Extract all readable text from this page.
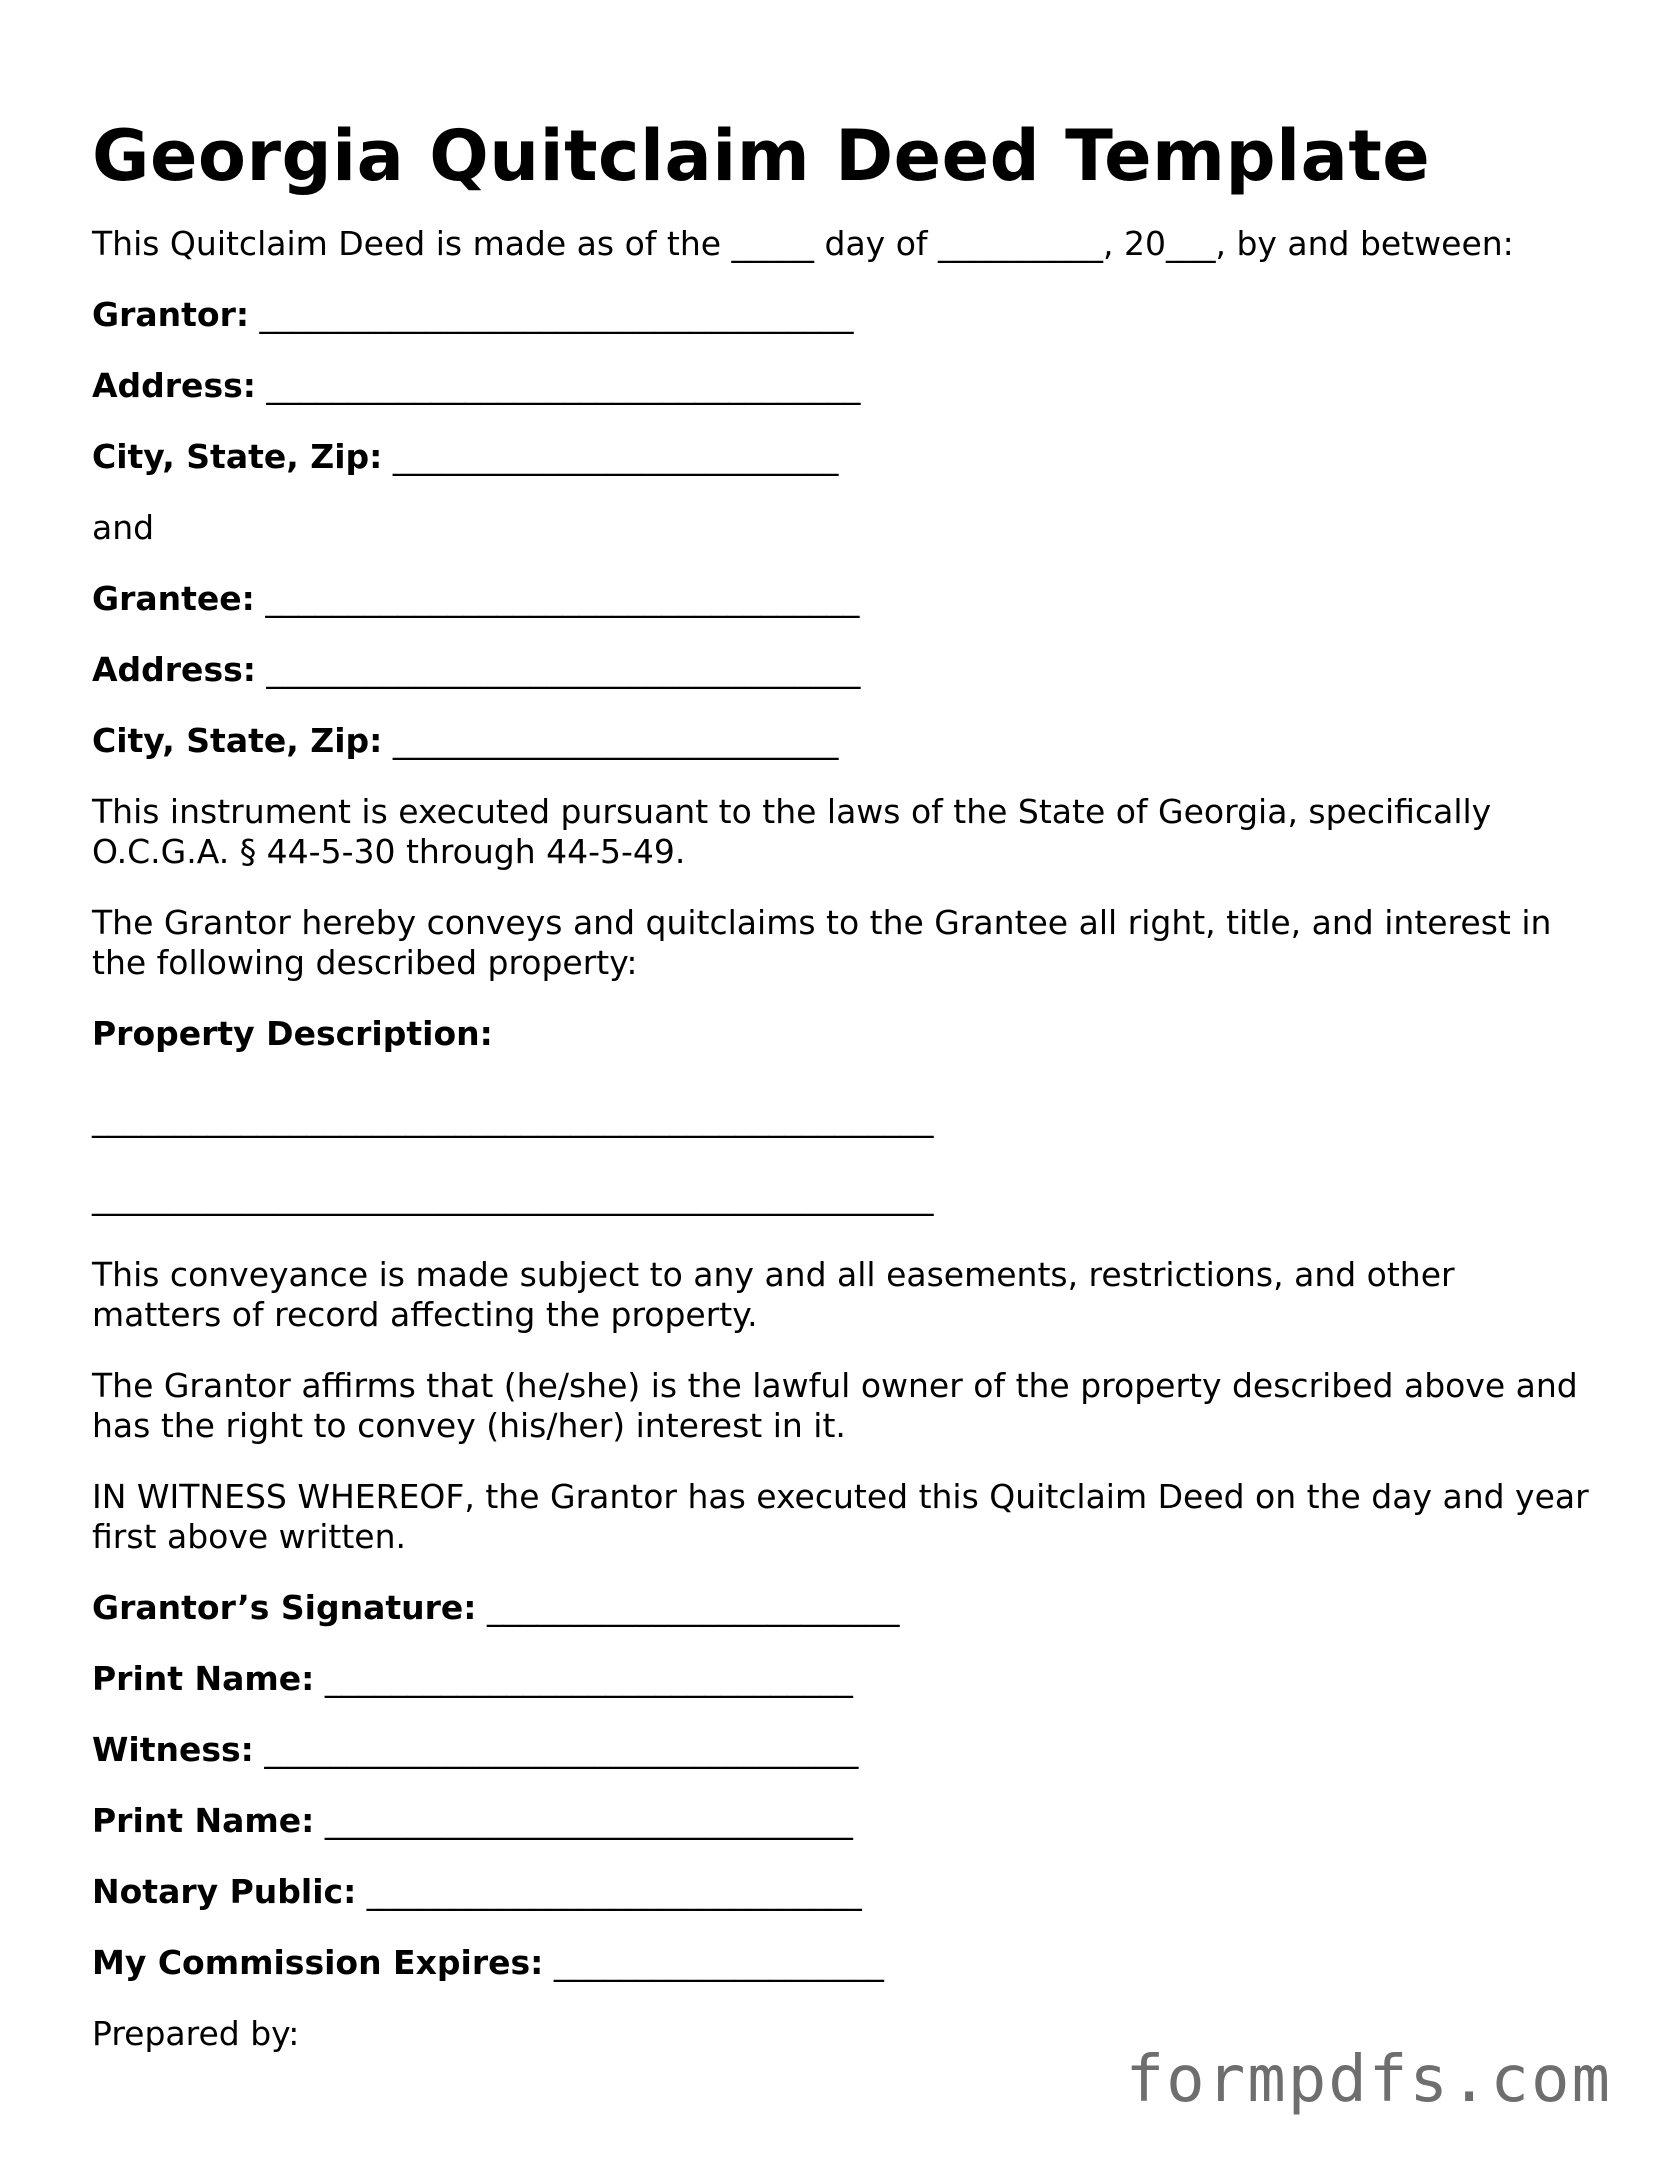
Georgia Quitclaim Deed Template
This Quitclaim Deed is made as of the _____ day of __________, 20___, by and between:
Grantor: ____________________________________
Address: ____________________________________
City, State, Zip: ___________________________
and
Grantee: ____________________________________
Address: ____________________________________
City, State, Zip: ___________________________
This instrument is executed pursuant to the laws of the State of Georgia, specifically O.C.G.A. § 44-5-30 through 44-5-49.
The Grantor hereby conveys and quitclaims to the Grantee all right, title, and interest in the following described property:
Property Description:
___________________________________________________
___________________________________________________
This conveyance is made subject to any and all easements, restrictions, and other matters of record affecting the property.
The Grantor affirms that (he/she) is the lawful owner of the property described above and has the right to convey (his/her) interest in it.
IN WITNESS WHEREOF, the Grantor has executed this Quitclaim Deed on the day and year first above written.
Grantor’s Signature: _________________________
Print Name: ________________________________
Witness: ____________________________________
Print Name: ________________________________
Notary Public: ______________________________
My Commission Expires: ____________________
Prepared by:
formpdfs.com
